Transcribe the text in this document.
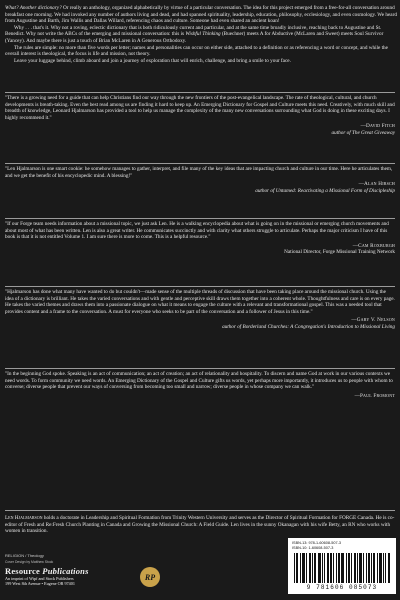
What? Another dictionary? Or really an anthology, organized alphabetically by virtue of a particular conversation. The idea for this project emerged from a free-for-all conversation around breakfast one morning. We had invoked any number of authors living and dead, and had spanned spirituality, leadership, education, philosophy, ecclesiology, and even cosmology. We heard from Augustine and Barth, Jim Wallis and Dallas Willard, referencing chaos and culture. Someone had even shared an ancient koan!

Why . . . that's it. Why not a roving, eclectic dictionary that is both ridiculously current and particular, and at the same time broadly inclusive, reaching back to Augustine and St. Benedict. Why not write the ABCs of the emerging and missional conversation: this is Wishful Thinking (Buechner) meets A for Abductive (McLaren and Sweet) meets Soul Survivor (Yancey). And maybe there is just a touch of Brian McLaren in A Generous Orthodoxy.

The rules are simple: no more than five words per letter; names and personalities can occur on either side, attached to a definition or as referencing a word or concept, and while the overall interest is theological, the focus is life and mission, not theory.

Leave your luggage behind, climb aboard and join a journey of exploration that will enrich, challenge, and bring a smile to your face.

"There is a growing need for a guide that can help Christians find our way through the new frontiers of the post-evangelical landscape. The rate of theological, cultural, and church developments is breath-taking. Even the best read among us are finding it hard to keep up. An Emerging Dictionary for Gospel and Culture meets this need. Creatively, with much skill and breadth of knowledge, Leonard Hjalmarson has provided a tool to help us manage the complexity of the many new conversations surrounding what God is doing in these exciting days. I highly recommend it."

—David Fitch
author of The Great Giveaway

"Len Hjalmarson is one smart cookie: he somehow manages to gather, interpret, and file many of the key ideas that are impacting church and culture in our time. Here he articulates them, and we get the benefit of his encyclopedic mind. A blessing!"

—Alan Hirsch
author of Untamed: Reactivating a Missional Form of Discipleship

"If our Forge team needs information about a missional topic, we just ask Len. He is a walking encyclopedia about what is going on in the missional or emerging church movements and about most of what has been written. Len is also a great writer. He communicates succinctly and with clarity what others struggle to articulate. Perhaps the major criticism I have of this book is that it is not entitled Volume 1. I am sure there is more to come. This is a helpful resource."

—Cam Roxburgh
National Director, Forge Missional Training Network

"Hjalmarson has done what many have wanted to do but couldn't—made sense of the multiple threads of discussion that have been taking place around the missional church. Using the idea of a dictionary is brilliant. He takes the varied conversations and with gentle and perceptive skill draws them together into a coherent whole. Thoughtfulness and care is on every page. He takes the varied themes and draws them into a passionate dialogue on what it means to engage the culture with a relevant and transformational gospel. This was a needed tool that provides content and a frame to the conversation. A must for everyone who seeks to be part of the conversation and a follower of Jesus in this time."

—Gary V. Nelson
author of Borderland Churches: A Congregation's Introduction to Missional Living

"In the beginning God spoke. Speaking is an act of communication; an act of creation; an act of relationality and hospitality. To discern and name God at work in our various contexts we need words. To form community we need words. An Emerging Dictionary of the Gospel and Culture gifts us words, yet perhaps more importantly, it introduces us to people with whom to converse; diverse people that prevent our ways of conversing from becoming too small and narrow; diverse people in whose company we can walk."

—Paul Fromont

Len Hjalmarson holds a doctorate in Leadership and Spiritual Formation from Trinity Western University and serves as the Director of Spiritual Formation for FORGE Canada. He is co-editor of Fresh and Re:Fresh Church Planting in Canada and Growing the Missional Church: A Field Guide. Len lives in the sunny Okanagan with his wife Betty, an RN who works with women in transition.

RELIGION / Theology
Cover Design by Matthew Stock
Resource Publications
An imprint of Wipf and Stock Publishers
199 West 8th Avenue • Eugene OR 97401
RP
ISBN-13: 978-1-60608-507-3
ISBN-10: 1-60608-507-3
9 781606 085073
